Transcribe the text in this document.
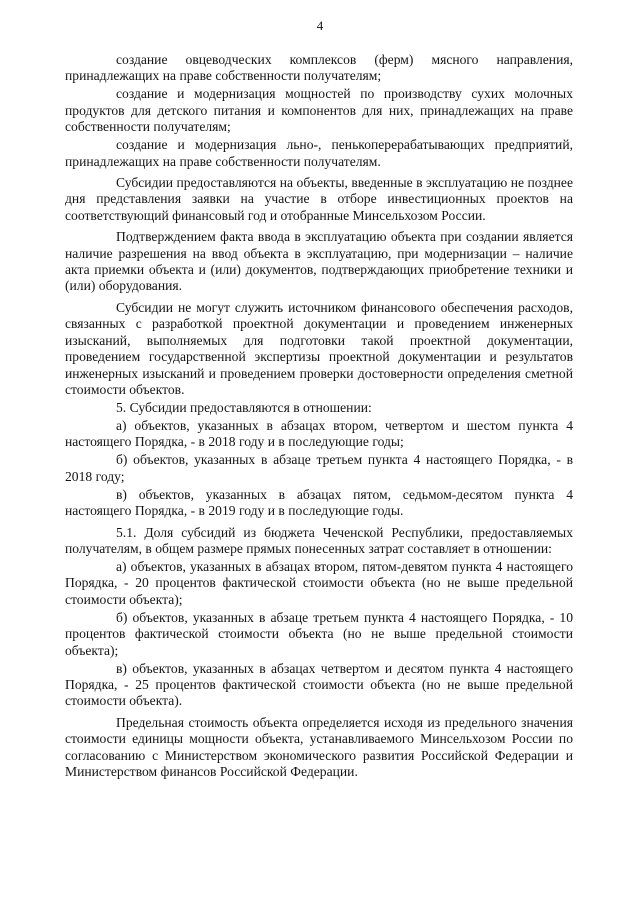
4

создание овцеводческих комплексов (ферм) мясного направления, принадлежащих на праве собственности получателям;

создание и модернизация мощностей по производству сухих молочных продуктов для детского питания и компонентов для них, принадлежащих на праве собственности получателям;

создание и модернизация льно-, пенькоперерабатывающих предприятий, принадлежащих на праве собственности получателям.

Субсидии предоставляются на объекты, введенные в эксплуатацию не позднее дня представления заявки на участие в отборе инвестиционных проектов на соответствующий финансовый год и отобранные Минсельхозом России.

Подтверждением факта ввода в эксплуатацию объекта при создании является наличие разрешения на ввод объекта в эксплуатацию, при модернизации – наличие акта приемки объекта и (или) документов, подтверждающих приобретение техники и (или) оборудования.

Субсидии не могут служить источником финансового обеспечения расходов, связанных с разработкой проектной документации и проведением инженерных изысканий, выполняемых для подготовки такой проектной документации, проведением государственной экспертизы проектной документации и результатов инженерных изысканий и проведением проверки достоверности определения сметной стоимости объектов.

5. Субсидии предоставляются в отношении:

а) объектов, указанных в абзацах втором, четвертом и шестом пункта 4 настоящего Порядка, - в 2018 году и в последующие годы;

б) объектов, указанных в абзаце третьем пункта 4 настоящего Порядка, - в 2018 году;

в) объектов, указанных в абзацах пятом, седьмом-десятом пункта 4 настоящего Порядка, - в 2019 году и в последующие годы.

5.1. Доля субсидий из бюджета Чеченской Республики, предоставляемых получателям, в общем размере прямых понесенных затрат составляет в отношении:

а) объектов, указанных в абзацах втором, пятом-девятом пункта 4 настоящего Порядка, - 20 процентов фактической стоимости объекта (но не выше предельной стоимости объекта);

б) объектов, указанных в абзаце третьем пункта 4 настоящего Порядка, - 10 процентов фактической стоимости объекта (но не выше предельной стоимости объекта);

в) объектов, указанных в абзацах четвертом и десятом пункта 4 настоящего Порядка, - 25 процентов фактической стоимости объекта (но не выше предельной стоимости объекта).

Предельная стоимость объекта определяется исходя из предельного значения стоимости единицы мощности объекта, устанавливаемого Минсельхозом России по согласованию с Министерством экономического развития Российской Федерации и Министерством финансов Российской Федерации.
